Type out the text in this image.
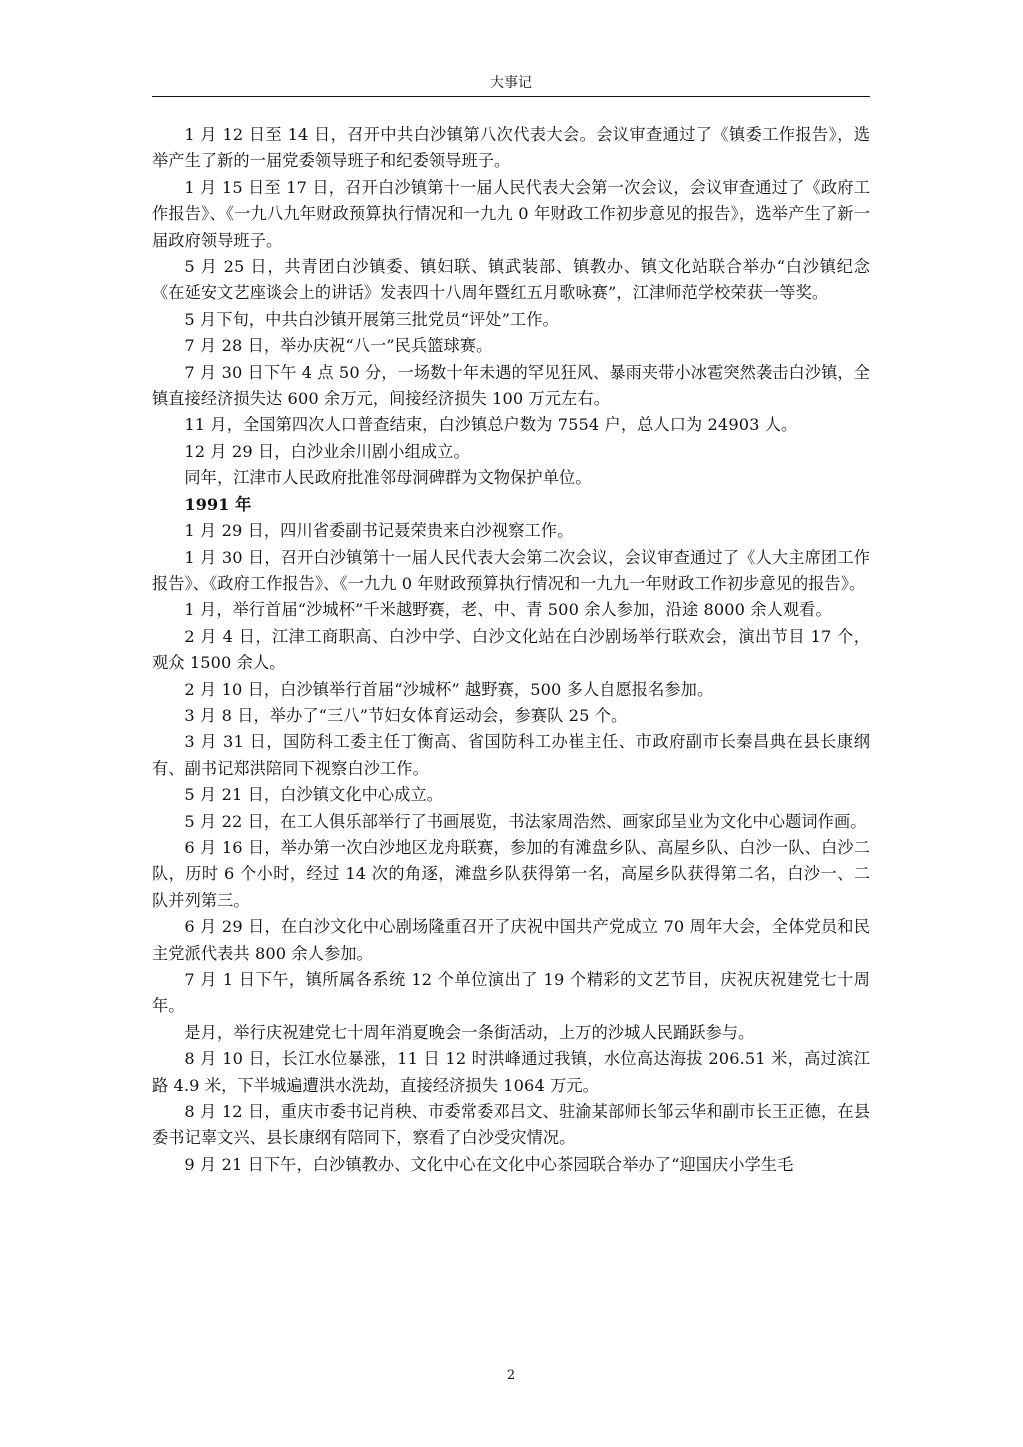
大事记

1 月 12 日至 14 日，召开中共白沙镇第八次代表大会。会议审查通过了《镇委工作报告》，选举产生了新的一届党委领导班子和纪委领导班子。

1 月 15 日至 17 日，召开白沙镇第十一届人民代表大会第一次会议，会议审查通过了《政府工作报告》、《一九八九年财政预算执行情况和一九九 0 年财政工作初步意见的报告》，选举产生了新一届政府领导班子。

5 月 25 日，共青团白沙镇委、镇妇联、镇武装部、镇教办、镇文化站联合举办“白沙镇纪念《在延安文艺座谈会上的讲话》发表四十八周年暨红五月歌咏赛”，江津师范学校荣获一等奖。

5 月下旬，中共白沙镇开展第三批党员“评处”工作。

7 月 28 日，举办庆祝“八一”民兵篮球赛。

7 月 30 日下午 4 点 50 分，一场数十年未遇的罕见狂风、暴雨夹带小冰雹突然袭击白沙镇，全镇直接经济损失达 600 余万元，间接经济损失 100 万元左右。

11 月，全国第四次人口普查结束，白沙镇总户数为 7554 户，总人口为 24903 人。

12 月 29 日，白沙业余川剧小组成立。

同年，江津市人民政府批准邻母洞碑群为文物保护单位。

1991 年

1 月 29 日，四川省委副书记聂荣贵来白沙视察工作。

1 月 30 日，召开白沙镇第十一届人民代表大会第二次会议，会议审查通过了《人大主席团工作报告》、《政府工作报告》、《一九九 0 年财政预算执行情况和一九九一年财政工作初步意见的报告》。

1 月，举行首届“沙城杯”千米越野赛，老、中、青 500 余人参加，沿途 8000 余人观看。

2 月 4 日，江津工商职高、白沙中学、白沙文化站在白沙剧场举行联欢会，演出节目 17 个，观众 1500 余人。

2 月 10 日，白沙镇举行首届“沙城杯” 越野赛，500 多人自愿报名参加。

3 月 8 日，举办了“三八”节妇女体育运动会，参赛队 25 个。

3 月 31 日，国防科工委主任丁衡高、省国防科工办崔主任、市政府副市长秦昌典在县长康纲有、副书记郑洪陪同下视察白沙工作。

5 月 21 日，白沙镇文化中心成立。

5 月 22 日，在工人俱乐部举行了书画展览，书法家周浩然、画家邱呈业为文化中心题词作画。

6 月 16 日，举办第一次白沙地区龙舟联赛，参加的有滩盘乡队、高屋乡队、白沙一队、白沙二队，历时 6 个小时，经过 14 次的角逐，滩盘乡队获得第一名，高屋乡队获得第二名，白沙一、二队并列第三。

6 月 29 日，在白沙文化中心剧场隆重召开了庆祝中国共产党成立 70 周年大会，全体党员和民主党派代表共 800 余人参加。

7 月 1 日下午，镇所属各系统 12 个单位演出了 19 个精彩的文艺节目，庆祝庆祝建党七十周年。

是月，举行庆祝建党七十周年消夏晚会一条街活动，上万的沙城人民踊跃参与。

8 月 10 日，长江水位暴涨，11 日 12 时洪峰通过我镇，水位高达海拔 206.51 米，高过滨江路 4.9 米，下半城遍遭洪水洗劫，直接经济损失 1064 万元。

8 月 12 日，重庆市委书记肖秧、市委常委邓吕文、驻渝某部师长邹云华和副市长王正德，在县委书记辜文兴、县长康纲有陪同下，察看了白沙受灾情况。

9 月 21 日下午，白沙镇教办、文化中心在文化中心茶园联合举办了“迎国庆小学生毛

2
